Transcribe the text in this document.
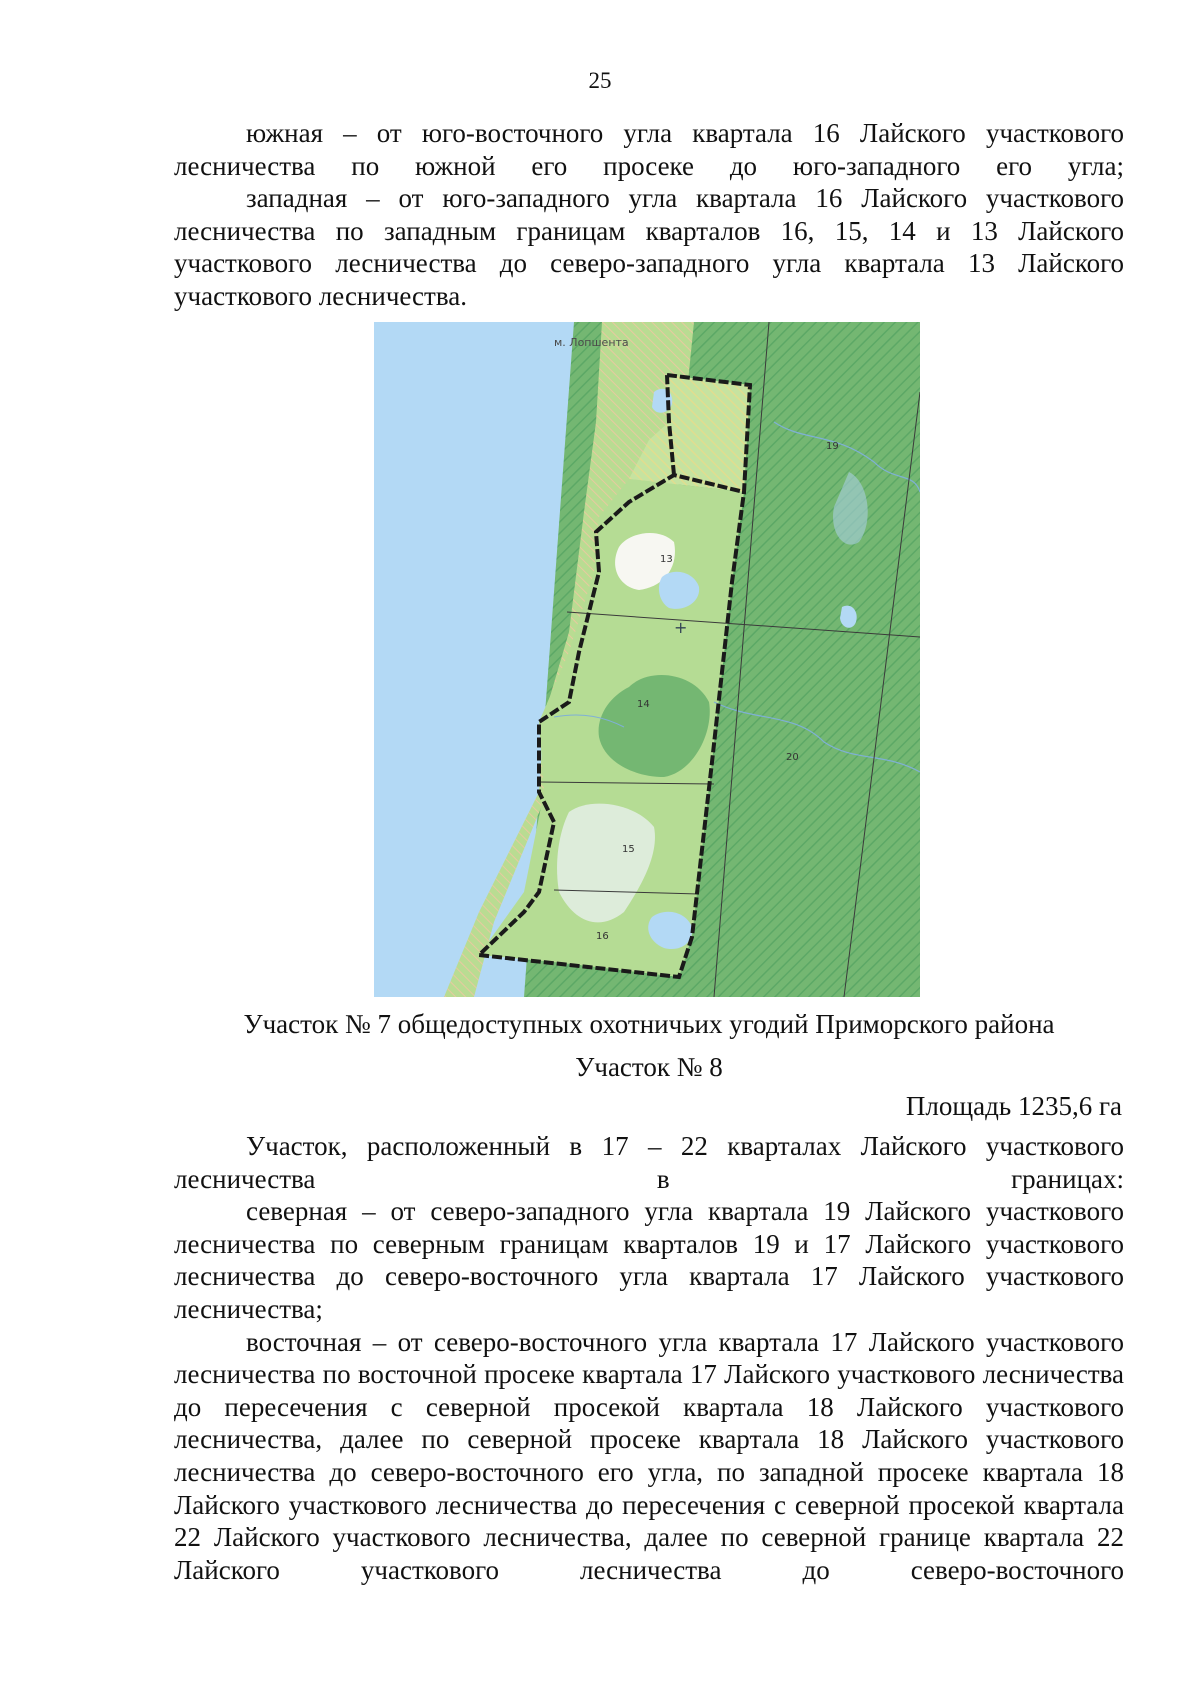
25

южная – от юго-восточного угла квартала 16 Лайского участкового лесничества по южной его просеке до юго-западного его угла;

западная – от юго-западного угла квартала 16 Лайского участкового лесничества по западным границам кварталов 16, 15, 14 и 13 Лайского участкового лесничества до северо-западного угла квартала 13 Лайского участкового лесничества.

+
м. Лопшента
13
14
15
16
19
20
Участок № 7 общедоступных охотничьих угодий Приморского района
Участок № 8
Площадь 1235,6 га

Участок, расположенный в 17 – 22 кварталах Лайского участкового лесничества в границах:

северная – от северо-западного угла квартала 19 Лайского участкового лесничества по северным границам кварталов 19 и 17 Лайского участкового лесничества до северо-восточного угла квартала 17 Лайского участкового лесничества;

восточная – от северо-восточного угла квартала 17 Лайского участкового лесничества по восточной просеке квартала 17 Лайского участкового лесничества до пересечения с северной просекой квартала 18 Лайского участкового лесничества, далее по северной просеке квартала 18 Лайского участкового лесничества до северо-восточного его угла, по западной просеке квартала 18 Лайского участкового лесничества до пересечения с северной просекой квартала 22 Лайского участкового лесничества, далее по северной границе квартала 22 Лайского участкового лесничества до северо-восточного
